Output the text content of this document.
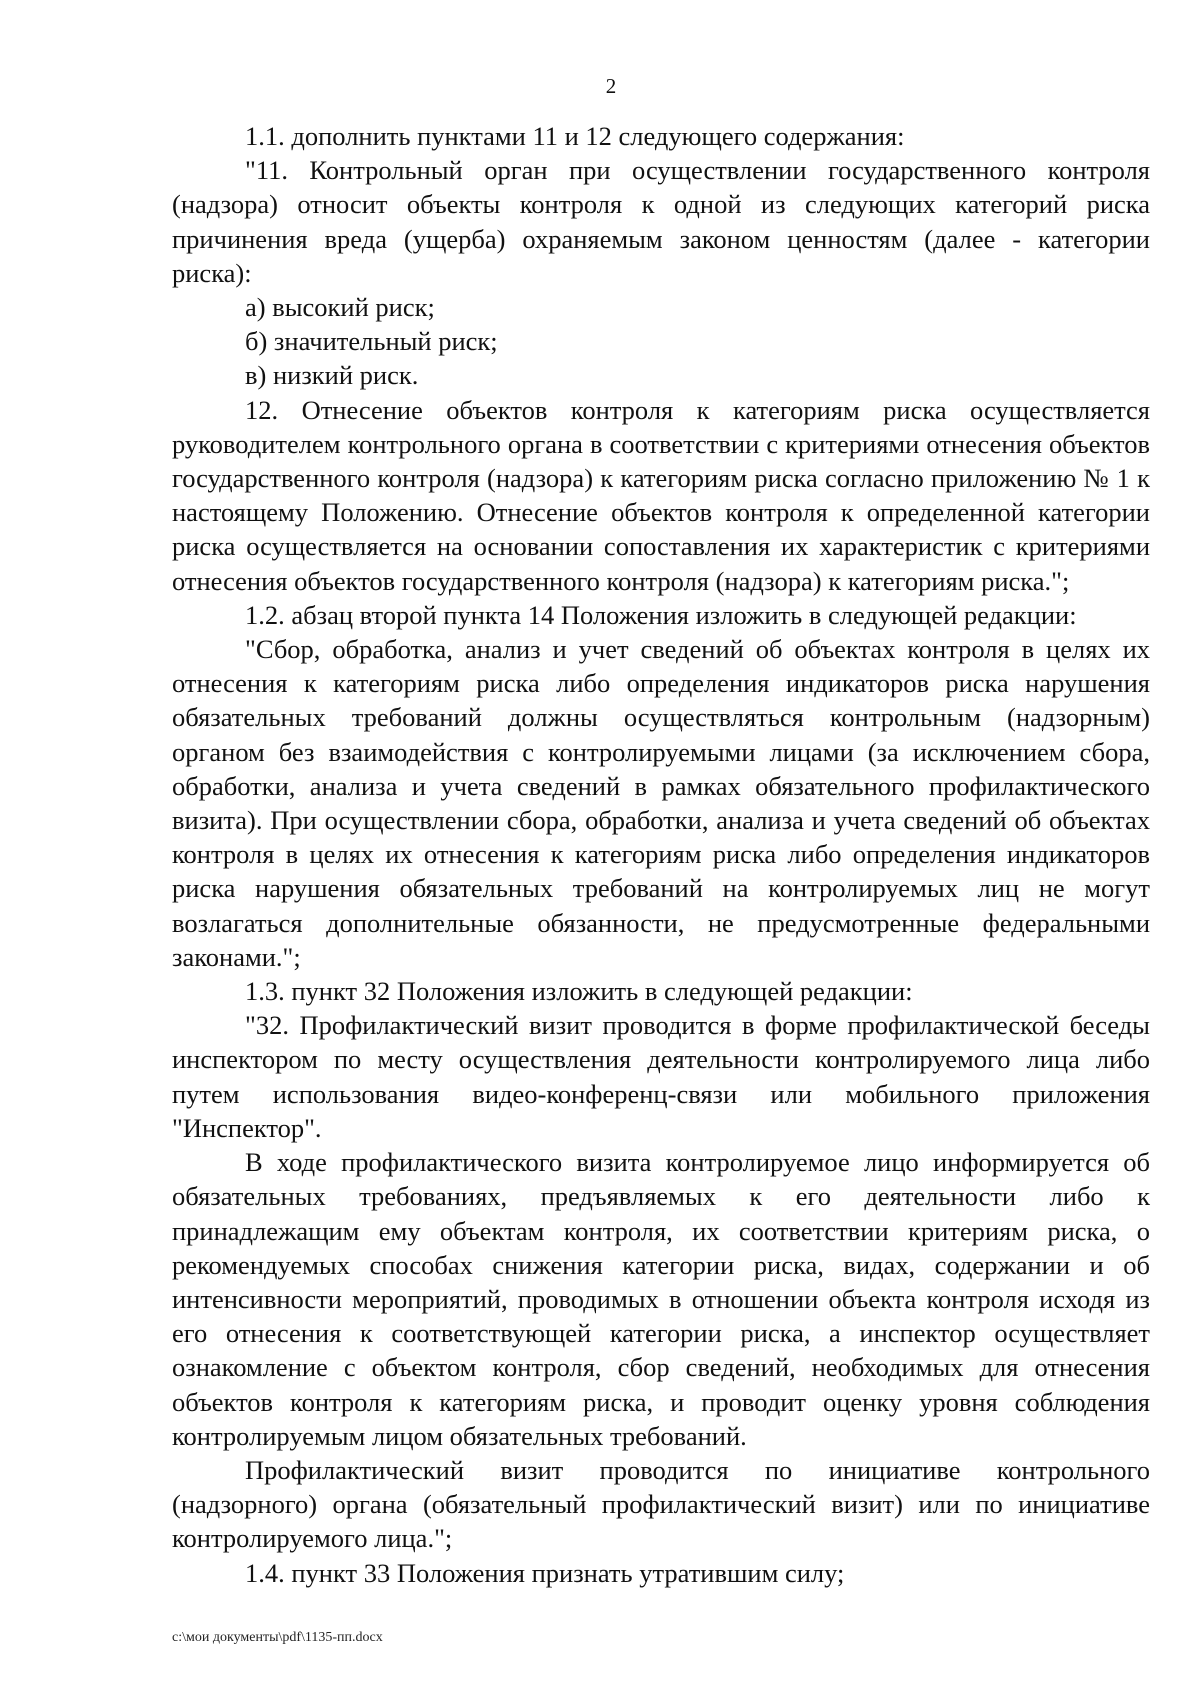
2

1.1. дополнить пунктами 11 и 12 следующего содержания:

"11. Контрольный орган при осуществлении государственного контроля (надзора) относит объекты контроля к одной из следующих категорий риска причинения вреда (ущерба) охраняемым законом ценностям (далее - категории риска):

а) высокий риск;

б) значительный риск;

в) низкий риск.

12. Отнесение объектов контроля к категориям риска осуществляется руководителем контрольного органа в соответствии с критериями отнесения объектов государственного контроля (надзора) к категориям риска согласно приложению № 1 к настоящему Положению. Отнесение объектов контроля к определенной категории риска осуществляется на основании сопоставления их характеристик с критериями отнесения объектов государственного контроля (надзора) к категориям риска.";

1.2. абзац второй пункта 14 Положения изложить в следующей редакции:

"Сбор, обработка, анализ и учет сведений об объектах контроля в целях их отнесения к категориям риска либо определения индикаторов риска нарушения обязательных требований должны осуществляться контрольным (надзорным) органом без взаимодействия с контролируемыми лицами (за исключением сбора, обработки, анализа и учета сведений в рамках обязательного профилактического визита). При осуществлении сбора, обработки, анализа и учета сведений об объектах контроля в целях их отнесения к категориям риска либо определения индикаторов риска нарушения обязательных требований на контролируемых лиц не могут возлагаться дополнительные обязанности, не предусмотренные федеральными законами.";

1.3. пункт 32 Положения изложить в следующей редакции:

"32. Профилактический визит проводится в форме профилактической беседы инспектором по месту осуществления деятельности контролируемого лица либо путем использования видео-конференц-связи или мобильного приложения "Инспектор".

В ходе профилактического визита контролируемое лицо информируется об обязательных требованиях, предъявляемых к его деятельности либо к принадлежащим ему объектам контроля, их соответствии критериям риска, о рекомендуемых способах снижения категории риска, видах, содержании и об интенсивности мероприятий, проводимых в отношении объекта контроля исходя из его отнесения к соответствующей категории риска, а инспектор осуществляет ознакомление с объектом контроля, сбор сведений, необходимых для отнесения объектов контроля к категориям риска, и проводит оценку уровня соблюдения контролируемым лицом обязательных требований.

Профилактический визит проводится по инициативе контрольного (надзорного) органа (обязательный профилактический визит) или по инициативе контролируемого лица.";

1.4. пункт 33 Положения признать утратившим силу;

c:\мои документы\pdf\1135-пп.docx
